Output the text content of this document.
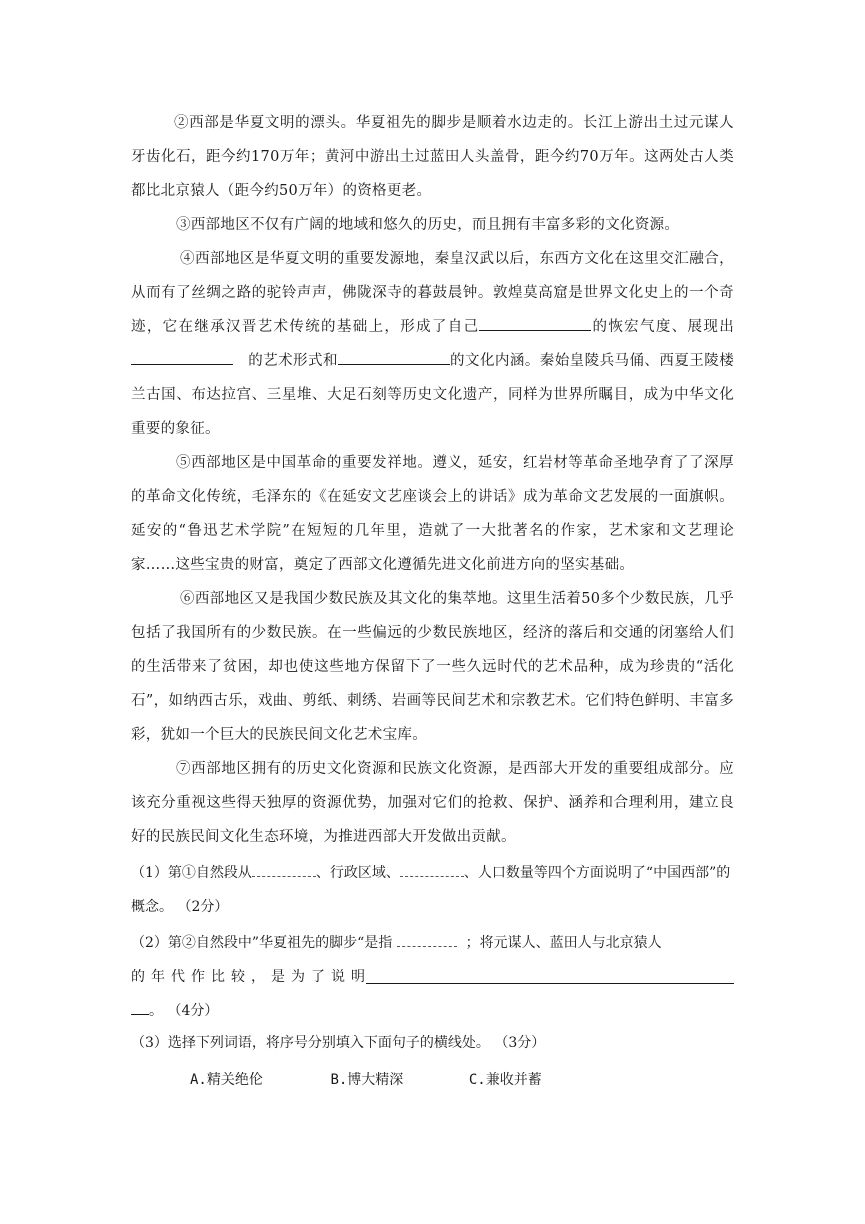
②西部是华夏文明的漂头。华夏祖先的脚步是顺着水边走的。长江上游出土过元谋人牙齿化石，距今约170万年；黄河中游出土过蓝田人头盖骨，距今约70万年。这两处古人类都比北京猿人（距今约50万年）的资格更老。

③西部地区不仅有广阔的地域和悠久的历史，而且拥有丰富多彩的文化资源。

④西部地区是华夏文明的重要发源地，秦皇汉武以后，东西方文化在这里交汇融合，从而有了丝绸之路的驼铃声声，佛陇深寺的暮鼓晨钟。敦煌莫高窟是世界文化史上的一个奇迹，它在继承汉晋艺术传统的基础上，形成了自己	的恢宏气度、展现出   的艺术形式和	的文化内涵。秦始皇陵兵马俑、西夏王陵楼兰古国、布达拉宫、三星堆、大足石刻等历史文化遗产，同样为世界所瞩目，成为中华文化重要的象征。

⑤西部地区是中国革命的重要发祥地。遵义，延安，红岩材等革命圣地孕育了了深厚的革命文化传统，毛泽东的《在延安文艺座谈会上的讲话》成为革命文艺发展的一面旗帜。延安的“鲁迅艺术学院”在短短的几年里，造就了一大批著名的作家，艺术家和文艺理论家……这些宝贵的财富，奠定了西部文化遵循先进文化前进方向的坚实基础。

⑥西部地区又是我国少数民族及其文化的集萃地。这里生活着50多个少数民族，几乎包括了我国所有的少数民族。在一些偏远的少数民族地区，经济的落后和交通的闭塞给人们的生活带来了贫困，却也使这些地方保留下了一些久远时代的艺术品种，成为珍贵的“活化石”，如纳西古乐，戏曲、剪纸、刺绣、岩画等民间艺术和宗教艺术。它们特色鲜明、丰富多彩，犹如一个巨大的民族民间文化艺术宝库。

⑦西部地区拥有的历史文化资源和民族文化资源，是西部大开发的重要组成部分。应该充分重视这些得天独厚的资源优势，加强对它们的抢救、保护、涵养和合理利用，建立良好的民族民间文化生态环境，为推进西部大开发做出贡献。

（1）第①自然段从	、行政区域、	、人口数量等四个方面说明了“中国西部”的概念。 （2分）

（2）第②自然段中”华夏祖先的脚步“是指	；将元谋人、蓝田人与北京猿人

的年代作比较，是为了说明

。 （4分）

（3）选择下列词语，将序号分别填入下面句子的横线处。 （3分）

A.精关绝伦	B.博大精深	C.兼收并蓄
